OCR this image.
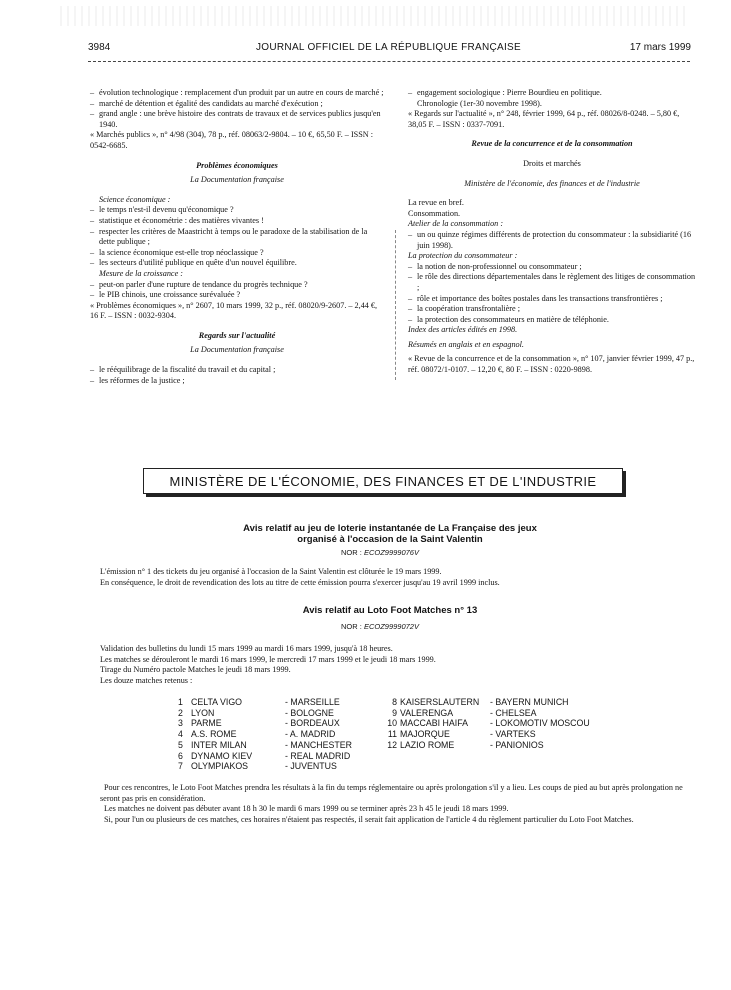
3984	JOURNAL OFFICIEL DE LA RÉPUBLIQUE FRANÇAISE	17 mars 1999
– évolution technologique : remplacement d'un produit par un autre en cours de marché ;
– marché de détention et égalité des candidats au marché d'exécution ;
– grand angle : une brève histoire des contrats de travaux et de services publics jusqu'en 1940.

« Marchés publics », n° 4/98 (304), 78 p., réf. 08063/2-9804. – 10 €, 65,50 F. – ISSN : 0542-6685.

Problèmes économiques

La Documentation française

Science économique :

– le temps n'est-il devenu qu'économique ?
– statistique et économétrie : des matières vivantes !
– respecter les critères de Maastricht à temps ou le paradoxe de la stabilisation de la dette publique ;
– la science économique est-elle trop néoclassique ?
– les secteurs d'utilité publique en quête d'un nouvel équilibre.

Mesure de la croissance :

– peut-on parler d'une rupture de tendance du progrès technique ?
– le PIB chinois, une croissance surévaluée ?

« Problèmes économiques », n° 2607, 10 mars 1999, 32 p., réf. 08020/9-2607. – 2,44 €, 16 F. – ISSN : 0032-9304.

Regards sur l'actualité

La Documentation française

– le rééquilibrage de la fiscalité du travail et du capital ;
– les réformes de la justice ;
– engagement sociologique : Pierre Bourdieu en politique.

Chronologie (1er-30 novembre 1998).

« Regards sur l'actualité », n° 248, février 1999, 64 p., réf. 08026/8-0248. – 5,80 €, 38,05 F. – ISSN : 0337-7091.

Revue de la concurrence et de la consommation

Droits et marchés

Ministère de l'économie, des finances et de l'industrie

La revue en bref.

Consommation.

Atelier de la consommation :

– un ou quinze régimes différents de protection du consommateur : la subsidiarité (16 juin 1998).

La protection du consommateur :

– la notion de non-professionnel ou consommateur ;
– le rôle des directions départementales dans le règlement des litiges de consommation ;
– rôle et importance des boîtes postales dans les transactions transfrontières ;
– la coopération transfrontalière ;
– la protection des consommateurs en matière de téléphonie.

Index des articles édités en 1998.

Résumés en anglais et en espagnol.

« Revue de la concurrence et de la consommation », n° 107, janvier février 1999, 47 p., réf. 08072/1-0107. – 12,20 €, 80 F. – ISSN : 0220-9898.

MINISTÈRE DE L'ÉCONOMIE, DES FINANCES ET DE L'INDUSTRIE
Avis relatif au jeu de loterie instantanée de La Française des jeux
organisé à l'occasion de la Saint Valentin
NOR : ECOZ9999076V

L'émission n° 1 des tickets du jeu organisé à l'occasion de la Saint Valentin est clôturée le 19 mars 1999.

En conséquence, le droit de revendication des lots au titre de cette émission pourra s'exercer jusqu'au 19 avril 1999 inclus.

Avis relatif au Loto Foot Matches n° 13
NOR : ECOZ9999072V

Validation des bulletins du lundi 15 mars 1999 au mardi 16 mars 1999, jusqu'à 18 heures.

Les matches se dérouleront le mardi 16 mars 1999, le mercredi 17 mars 1999 et le jeudi 18 mars 1999.

Tirage du Numéro pactole Matches le jeudi 18 mars 1999.

Les douze matches retenus :

1
2
3
4
5
6
7
CELTA VIGO
LYON
PARME
A.S. ROME
INTER MILAN
DYNAMO KIEV
OLYMPIAKOS
- MARSEILLE
- BOLOGNE
- BORDEAUX
- A. MADRID
- MANCHESTER
- REAL MADRID
- JUVENTUS
8
9
10
11
12
KAISERSLAUTERN
VALERENGA
MACCABI HAIFA
MAJORQUE
LAZIO ROME
- BAYERN MUNICH
- CHELSEA
- LOKOMOTIV MOSCOU
- VARTEKS
- PANIONIOS

Pour ces rencontres, le Loto Foot Matches prendra les résultats à la fin du temps réglementaire ou après prolongation s'il y a lieu. Les coups de pied au but après prolongation ne seront pas pris en considération.

Les matches ne doivent pas débuter avant 18 h 30 le mardi 6 mars 1999 ou se terminer après 23 h 45 le jeudi 18 mars 1999.

Si, pour l'un ou plusieurs de ces matches, ces horaires n'étaient pas respectés, il serait fait application de l'article 4 du règlement particulier du Loto Foot Matches.
